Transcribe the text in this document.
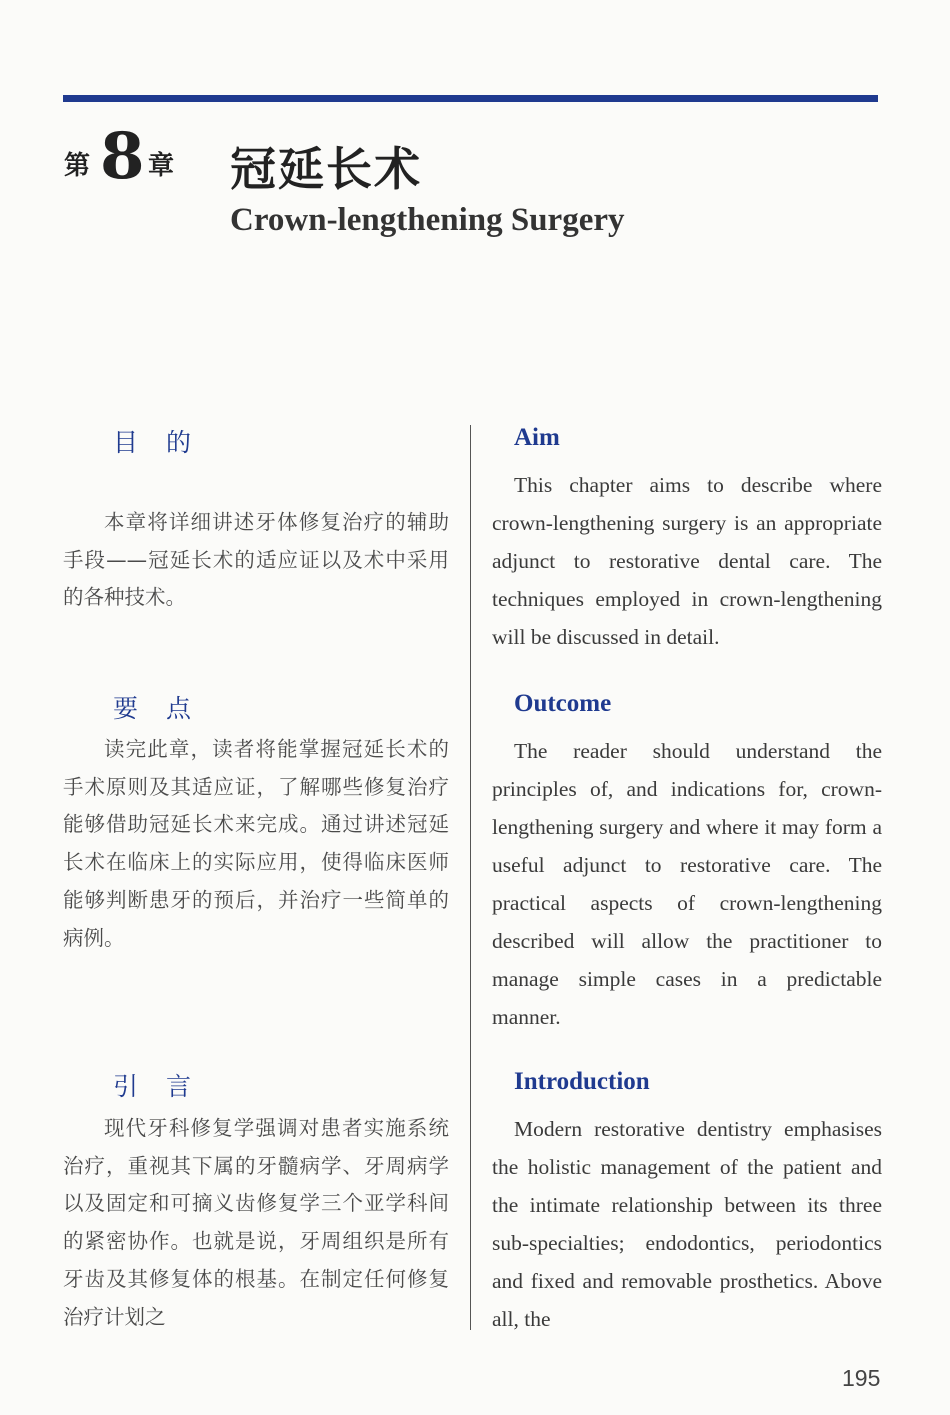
第 8 章 冠延长术
Crown-lengthening Surgery
目的
本章将详细讲述牙体修复治疗的辅助手段——冠延长术的适应证以及术中采用的各种技术。
要点
读完此章，读者将能掌握冠延长术的手术原则及其适应证，了解哪些修复治疗能够借助冠延长术来完成。通过讲述冠延长术在临床上的实际应用，使得临床医师能够判断患牙的预后，并治疗一些简单的病例。
引言
现代牙科修复学强调对患者实施系统治疗，重视其下属的牙髓病学、牙周病学以及固定和可摘义齿修复学三个亚学科间的紧密协作。也就是说，牙周组织是所有牙齿及其修复体的根基。在制定任何修复治疗计划之
Aim
This chapter aims to describe where crown-lengthening surgery is an appropriate adjunct to restorative dental care. The techniques employed in crown-lengthening will be discussed in detail.
Outcome
The reader should understand the principles of, and indications for, crown-lengthening surgery and where it may form a useful adjunct to restorative care. The practical aspects of crown-lengthening described will allow the practitioner to manage simple cases in a predictable manner.
Introduction
Modern restorative dentistry emphasises the holistic management of the patient and the intimate relationship between its three sub-specialties; endodontics, periodontics and fixed and removable prosthetics. Above all, the
195
